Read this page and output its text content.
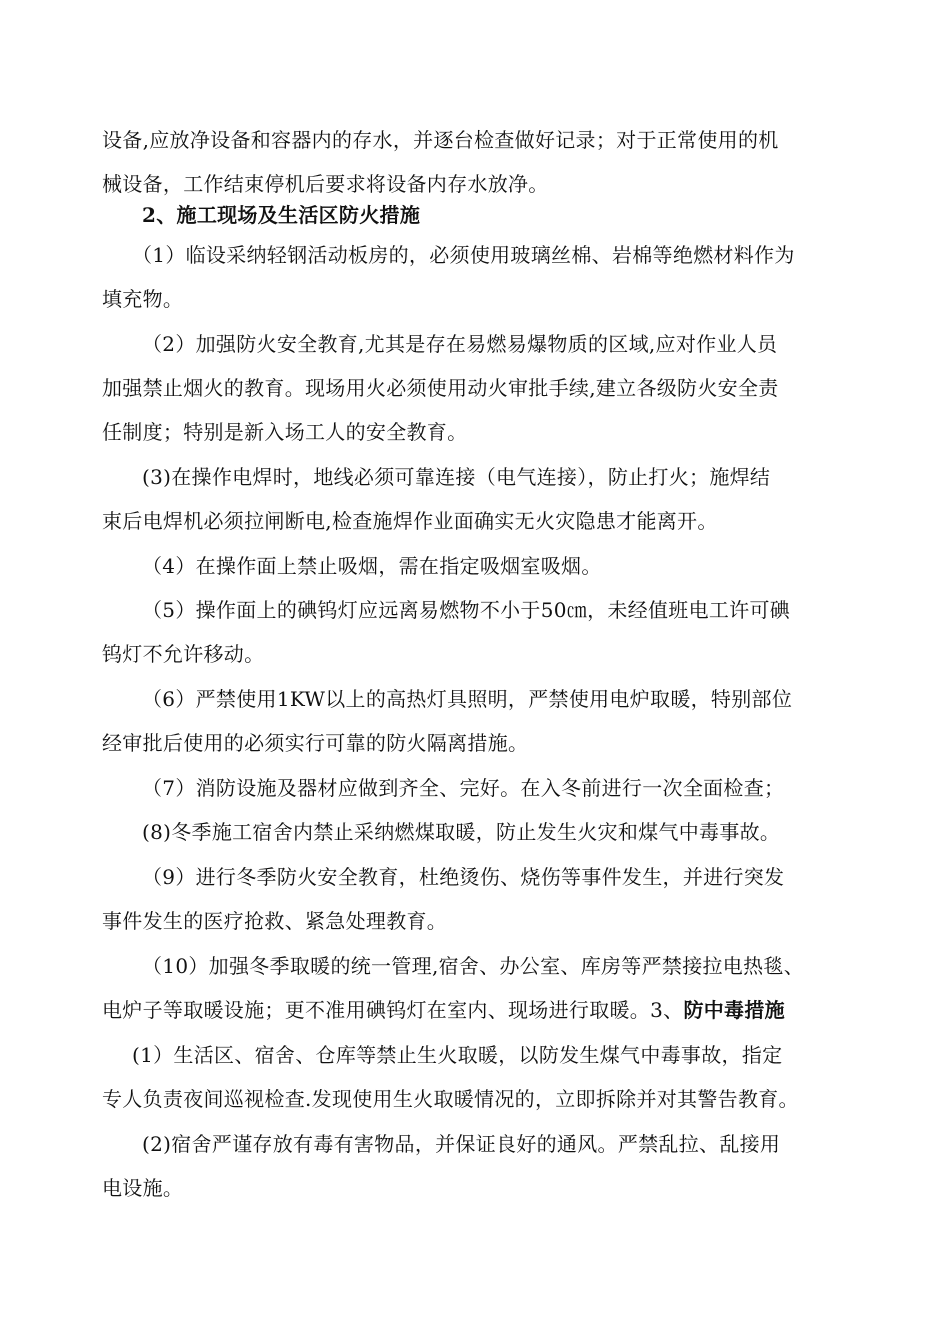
设备,应放净设备和容器内的存水，并逐台检查做好记录；对于正常使用的机
械设备，工作结束停机后要求将设备内存水放净。
2、施工现场及生活区防火措施
（1）临设采纳轻钢活动板房的，必须使用玻璃丝棉、岩棉等绝燃材料作为
填充物。
（2）加强防火安全教育,尤其是存在易燃易爆物质的区域,应对作业人员
加强禁止烟火的教育。现场用火必须使用动火审批手续,建立各级防火安全责
任制度；特别是新入场工人的安全教育。
(3)在操作电焊时，地线必须可靠连接（电气连接），防止打火；施焊结
束后电焊机必须拉闸断电,检查施焊作业面确实无火灾隐患才能离开。
（4）在操作面上禁止吸烟，需在指定吸烟室吸烟。
（5）操作面上的碘钨灯应远离易燃物不小于50㎝，未经值班电工许可碘
钨灯不允许移动。
（6）严禁使用1KW以上的高热灯具照明，严禁使用电炉取暖，特别部位
经审批后使用的必须实行可靠的防火隔离措施。
（7）消防设施及器材应做到齐全、完好。在入冬前进行一次全面检查；
(8)冬季施工宿舍内禁止采纳燃煤取暖，防止发生火灾和煤气中毒事故。
（9）进行冬季防火安全教育，杜绝烫伤、烧伤等事件发生，并进行突发
事件发生的医疗抢救、紧急处理教育。
（10）加强冬季取暖的统一管理,宿舍、办公室、库房等严禁接拉电热毯、
电炉子等取暖设施；更不准用碘钨灯在室内、现场进行取暖。3、防中毒措施
(1）生活区、宿舍、仓库等禁止生火取暖，以防发生煤气中毒事故，指定
专人负责夜间巡视检查.发现使用生火取暖情况的，立即拆除并对其警告教育。
(2)宿舍严谨存放有毒有害物品，并保证良好的通风。严禁乱拉、乱接用
电设施。
